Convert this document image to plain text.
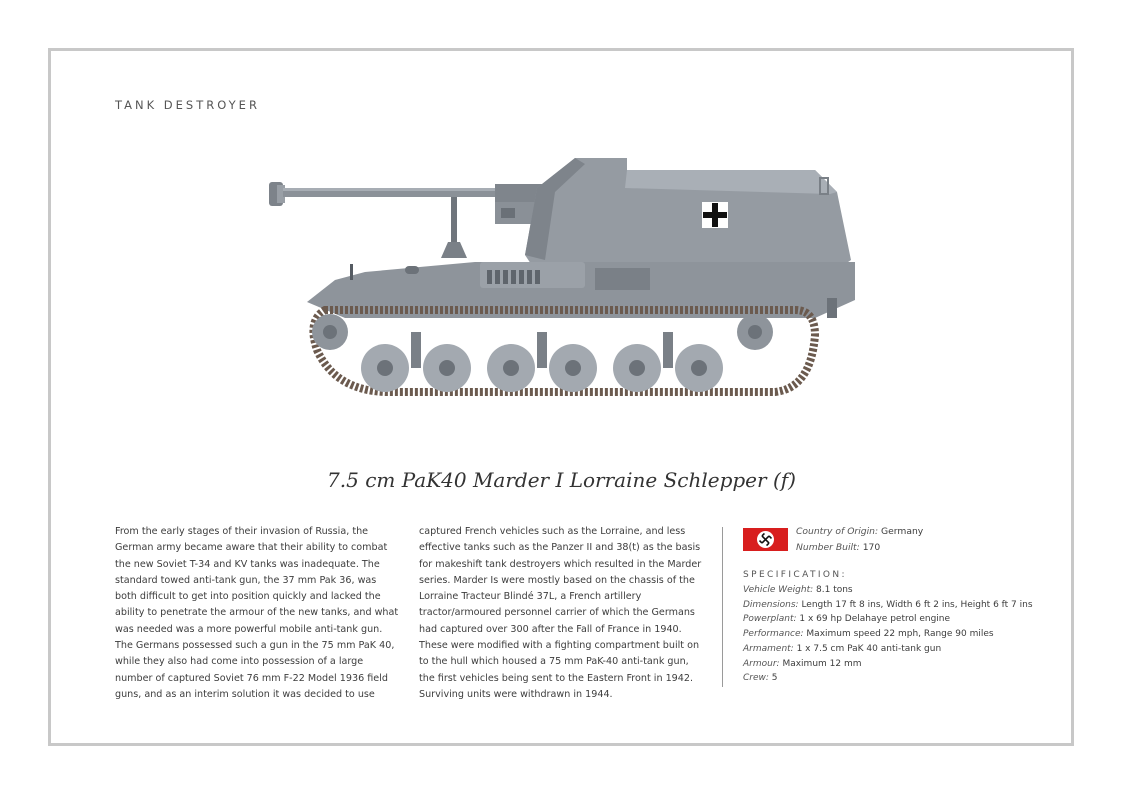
TANK DESTROYER
7.5 cm PaK40 Marder I Lorraine Schlepper (f)
From the early stages of their invasion of Russia, the German army became aware that their ability to combat the new Soviet T-34 and KV tanks was inadequate. The standard towed anti-tank gun, the 37 mm Pak 36, was both difficult to get into position quickly and lacked the ability to penetrate the armour of the new tanks, and what was needed was a more powerful mobile anti-tank gun. The Germans possessed such a gun in the 75 mm PaK 40, while they also had come into possession of a large number of captured Soviet 76 mm F-22 Model 1936 field guns, and as an interim solution it was decided to use
captured French vehicles such as the Lorraine, and less effective tanks such as the Panzer II and 38(t) as the basis for makeshift tank destroyers which resulted in the Marder series. Marder Is were mostly based on the chassis of the Lorraine Tracteur Blindé 37L, a French artillery tractor/armoured personnel carrier of which the Germans had captured over 300 after the Fall of France in 1940. These were modified with a fighting compartment built on to the hull which housed a 75 mm PaK-40 anti-tank gun, the first vehicles being sent to the Eastern Front in 1942. Surviving units were withdrawn in 1944.
Country of Origin: Germany
Number Built: 170
SPECIFICATION:
Vehicle Weight: 8.1 tons
Dimensions: Length 17 ft 8 ins, Width 6 ft 2 ins, Height 6 ft 7 ins
Powerplant: 1 x 69 hp Delahaye petrol engine
Performance: Maximum speed 22 mph, Range 90 miles
Armament: 1 x 7.5 cm PaK 40 anti-tank gun
Armour: Maximum 12 mm
Crew: 5
